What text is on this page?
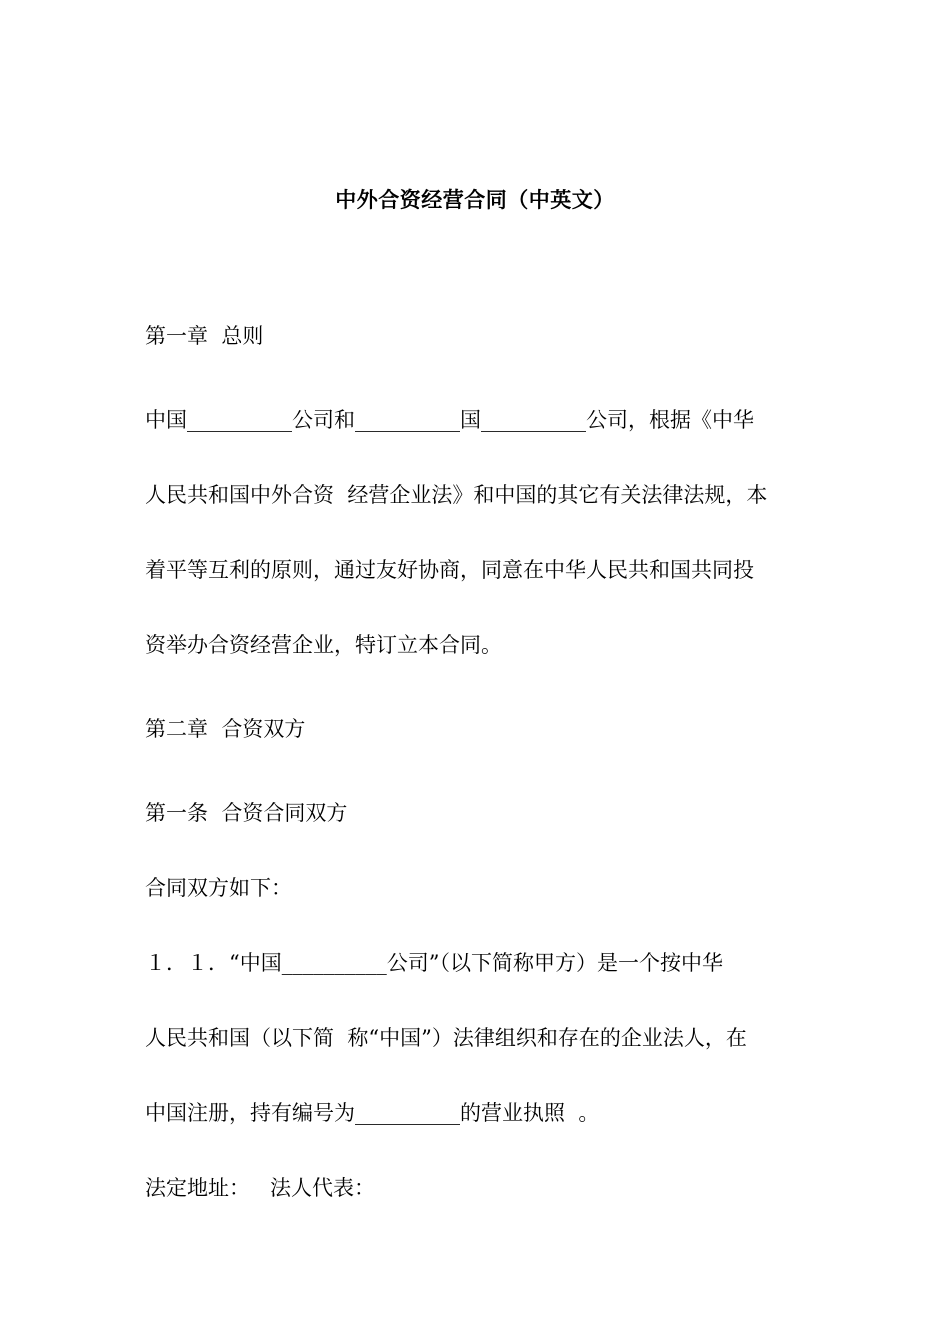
中外合资经营合同（中英文）

第一章  总则

中国__________公司和__________国__________公司，根据《中华

人民共和国中外合资  经营企业法》和中国的其它有关法律法规，本

着平等互利的原则，通过友好协商，同意在中华人民共和国共同投

资举办合资经营企业，特订立本合同。

第二章  合资双方

第一条  合资合同双方

合同双方如下：

１．１．“中国__________公司”（以下简称甲方）是一个按中华

人民共和国（以下简  称“中国”）法律组织和存在的企业法人，在

中国注册，持有编号为__________的营业执照  。

法定地址：   法人代表：
